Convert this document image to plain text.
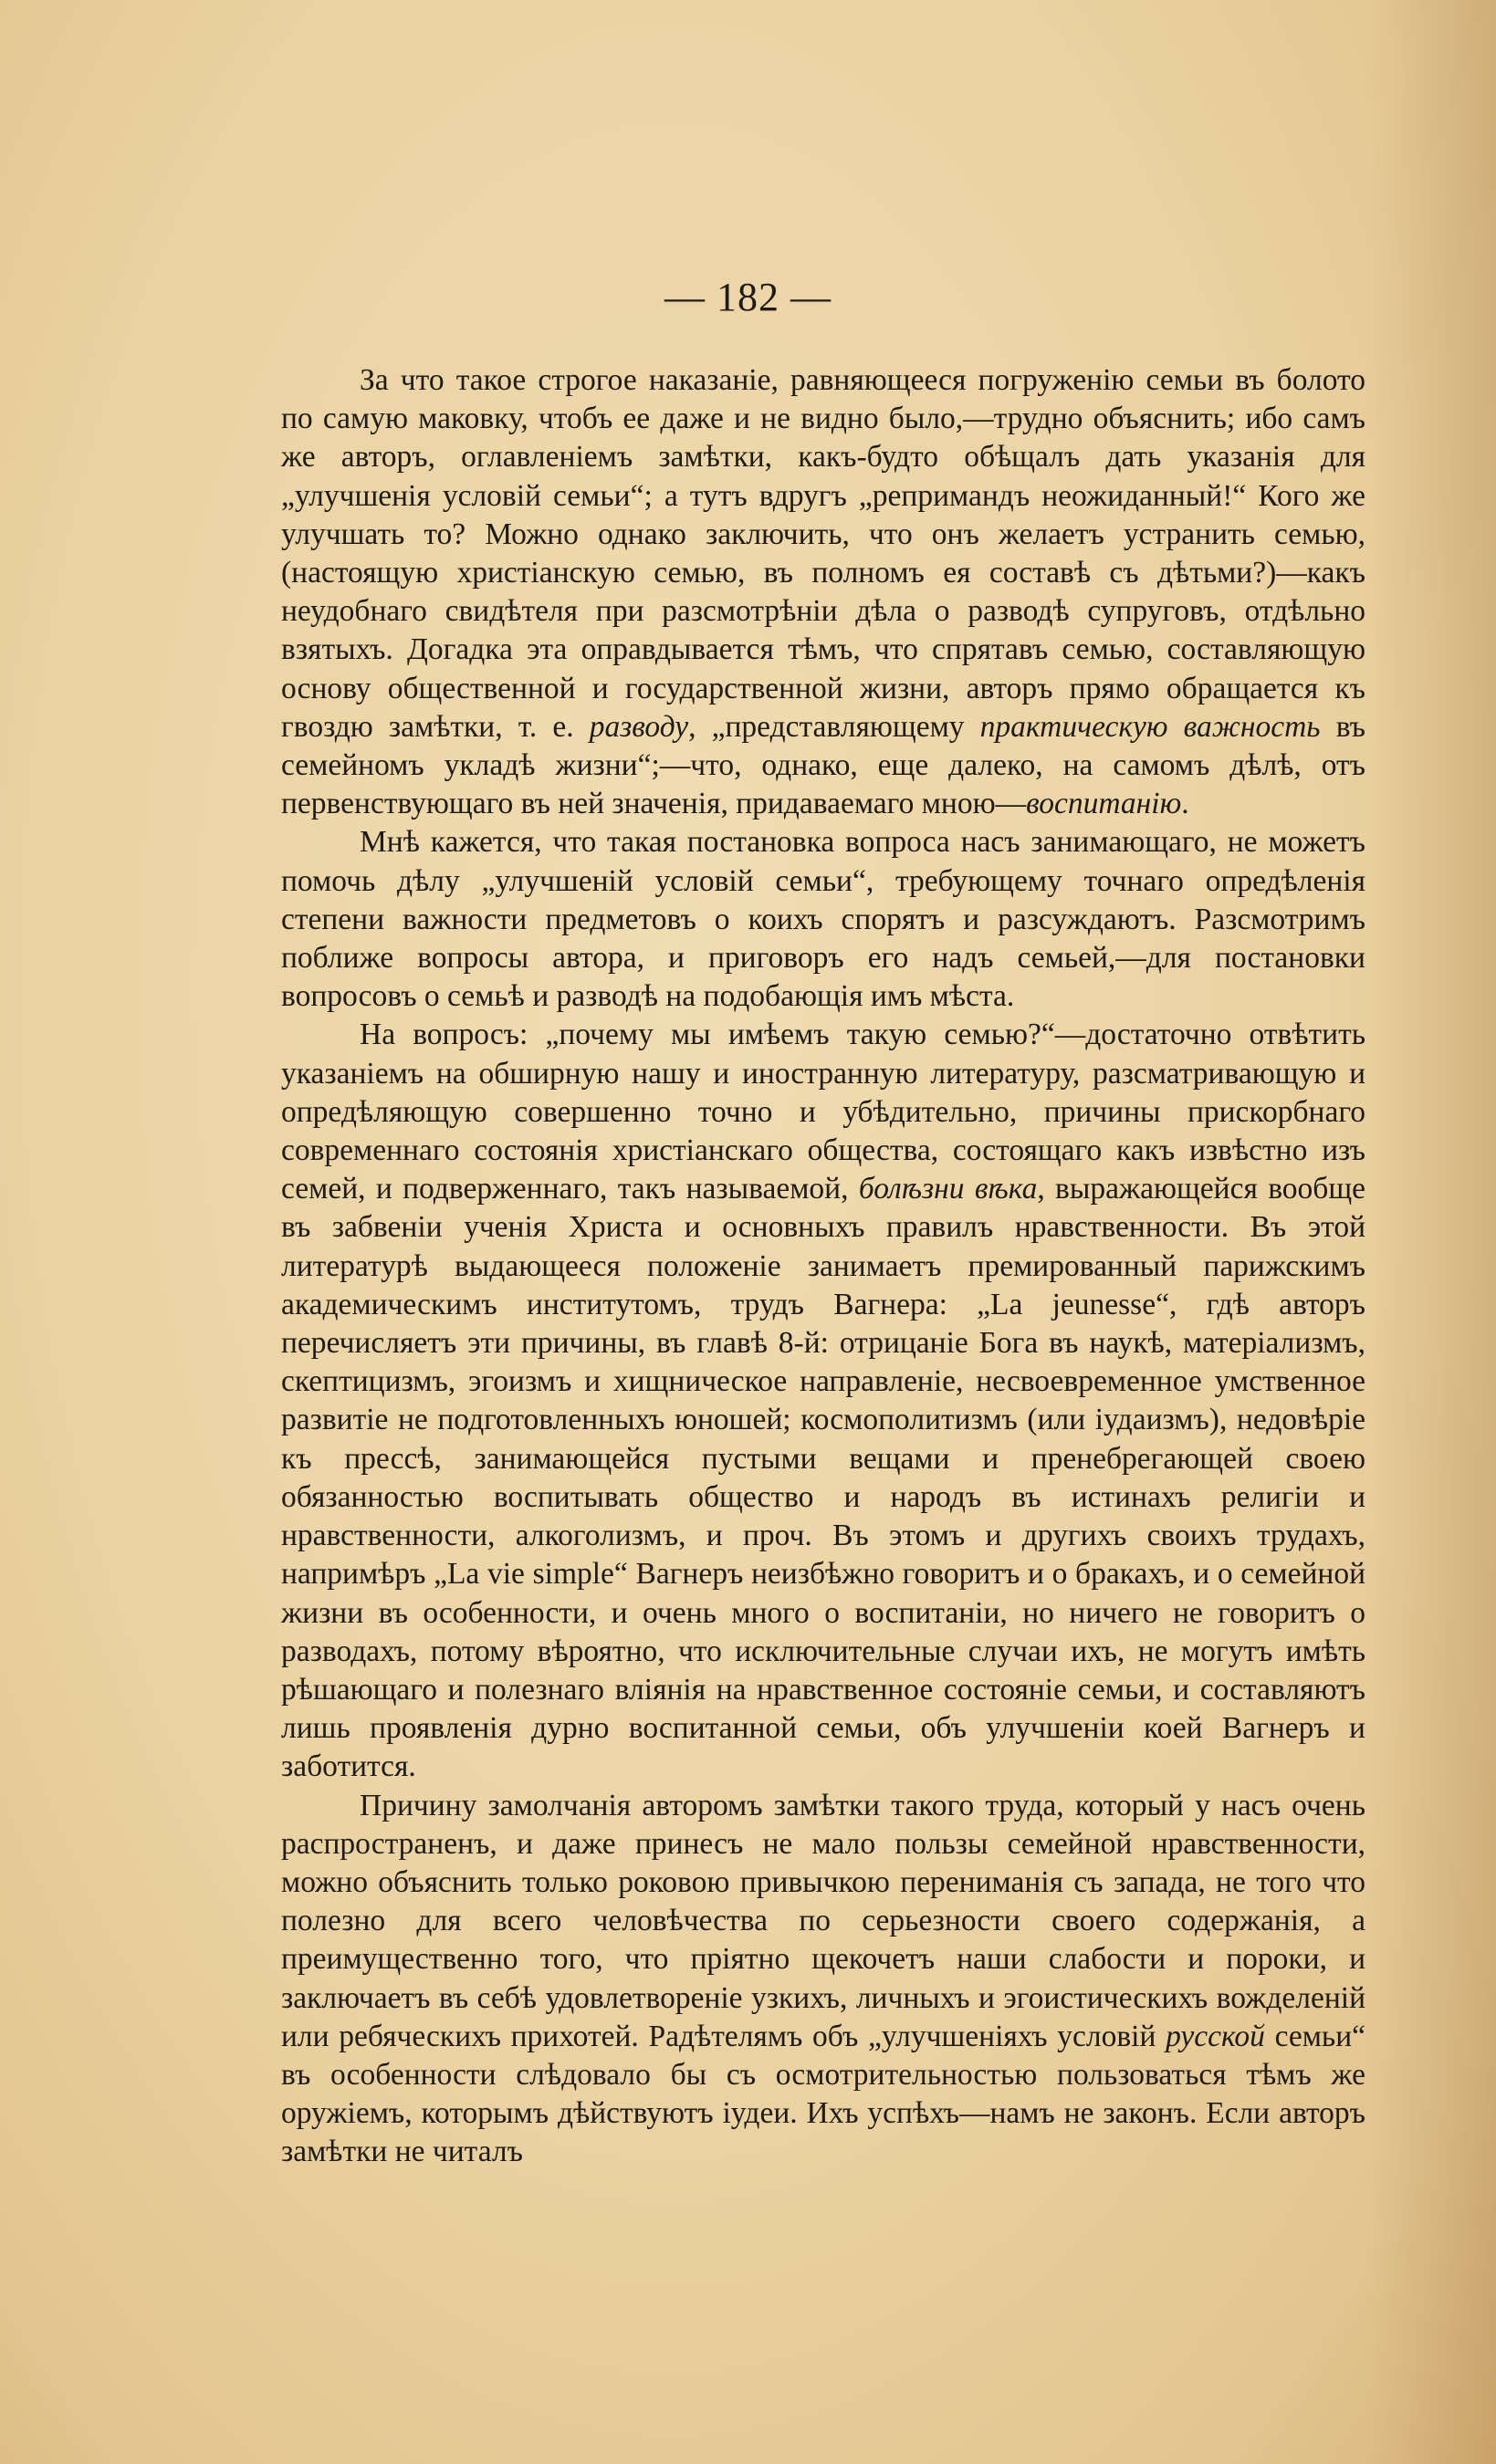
— 182 —

За что такое строгое наказаніе, равняющееся погруженію семьи въ болото по самую маковку, чтобъ ее даже и не видно было,—трудно объяснить; ибо самъ же авторъ, оглавленіемъ замѣтки, какъ-будто обѣщалъ дать указанія для „улучшенія условій семьи“; а тутъ вдругъ „репримандъ неожиданный!“ Кого же улучшать то? Можно однако заключить, что онъ желаетъ устранить семью, (настоящую христіанскую семью, въ полномъ ея составѣ съ дѣтьми?)—какъ неудобнаго свидѣтеля при разсмотрѣніи дѣла о разводѣ супруговъ, отдѣльно взятыхъ. Догадка эта оправдывается тѣмъ, что спрятавъ семью, составляющую основу общественной и государственной жизни, авторъ прямо обращается къ гвоздю замѣтки, т. е. разводу, „представляющему практическую важность въ семейномъ укладѣ жизни“;—что, однако, еще далеко, на самомъ дѣлѣ, отъ первенствующаго въ ней значенія, придаваемаго мною—воспитанію.

Мнѣ кажется, что такая постановка вопроса насъ занимающаго, не можетъ помочь дѣлу „улучшеній условій семьи“, требующему точнаго опредѣленія степени важности предметовъ о коихъ спорятъ и разсуждаютъ. Разсмотримъ поближе вопросы автора, и приговоръ его надъ семьей,—для постановки вопросовъ о семьѣ и разводѣ на подобающія имъ мѣста.

На вопросъ: „почему мы имѣемъ такую семью?“—достаточно отвѣтить указаніемъ на обширную нашу и иностранную литературу, разсматривающую и опредѣляющую совершенно точно и убѣдительно, причины прискорбнаго современнаго состоянія христіанскаго общества, состоящаго какъ извѣстно изъ семей, и подверженнаго, такъ называемой, болѣзни вѣка, выражающейся вообще въ забвеніи ученія Христа и основныхъ правилъ нравственности. Въ этой литературѣ выдающееся положеніе занимаетъ премированный парижскимъ академическимъ институтомъ, трудъ Вагнера: „La jeunesse“, гдѣ авторъ перечисляетъ эти причины, въ главѣ 8-й: отрицаніе Бога въ наукѣ, матеріализмъ, скептицизмъ, эгоизмъ и хищническое направленіе, несвоевременное умственное развитіе не подготовленныхъ юношей; космополитизмъ (или іудаизмъ), недовѣріе къ прессѣ, занимающейся пустыми вещами и пренебрегающей своею обязанностью воспитывать общество и народъ въ истинахъ религіи и нравственности, алкоголизмъ, и проч. Въ этомъ и другихъ своихъ трудахъ, напримѣръ „La vie simple“ Вагнеръ неизбѣжно говоритъ и о бракахъ, и о семейной жизни въ особенности, и очень много о воспитаніи, но ничего не говоритъ о разводахъ, потому вѣроятно, что исключительные случаи ихъ, не могутъ имѣть рѣшающаго и полезнаго вліянія на нравственное состояніе семьи, и составляютъ лишь проявленія дурно воспитанной семьи, объ улучшеніи коей Вагнеръ и заботится.

Причину замолчанія авторомъ замѣтки такого труда, который у насъ очень распространенъ, и даже принесъ не мало пользы семейной нравственности, можно объяснить только роковою привычкою перениманія съ запада, не того что полезно для всего человѣчества по серьезности своего содержанія, а преимущественно того, что пріятно щекочетъ наши слабости и пороки, и заключаетъ въ себѣ удовлетвореніе узкихъ, личныхъ и эгоистическихъ вожделеній или ребяческихъ прихотей. Радѣтелямъ объ „улучшеніяхъ условій русской семьи“ въ особенности слѣдовало бы съ осмотрительностью пользоваться тѣмъ же оружіемъ, которымъ дѣйствуютъ іудеи. Ихъ успѣхъ—намъ не законъ. Если авторъ замѣтки не читалъ
